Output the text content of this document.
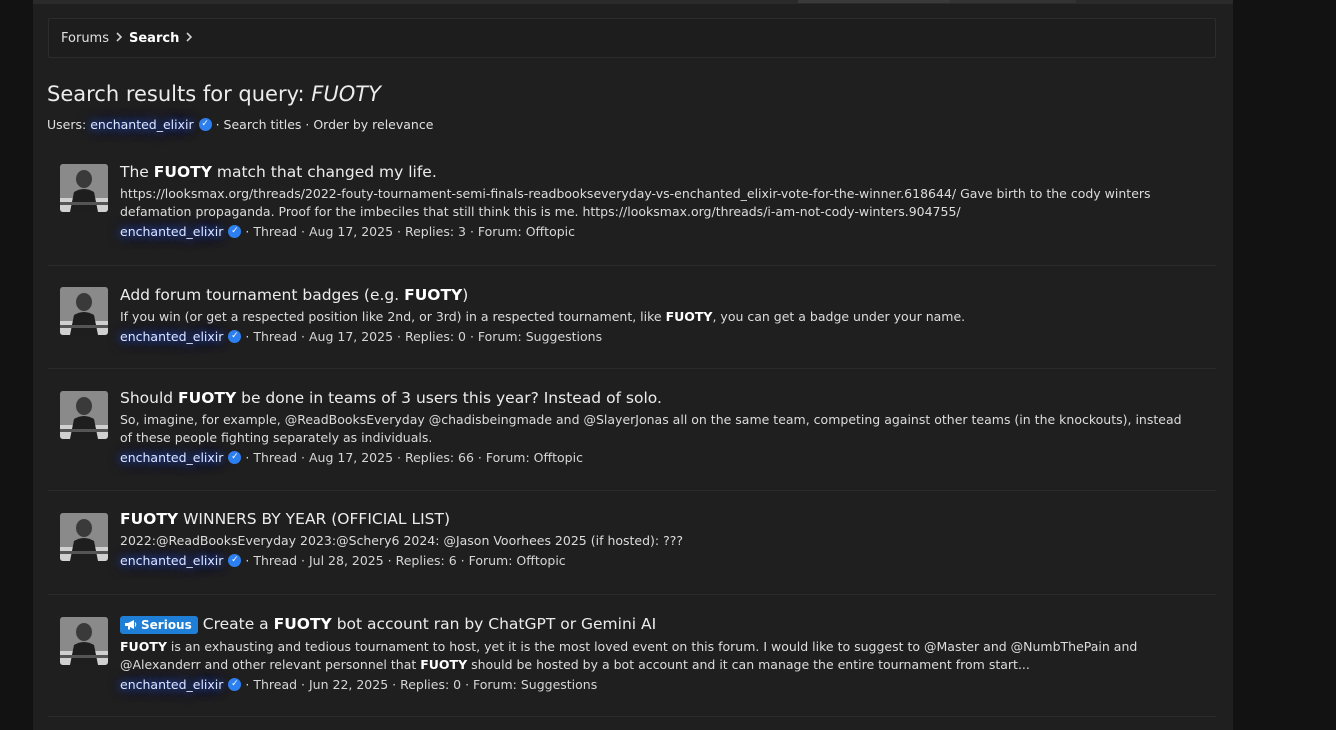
Forums Search
Search results for query: FUOTY
Users:
enchanted_elixir ✓
· Search titles · Order by relevance
The FUOTY match that changed my life.
https://looksmax.org/threads/2022-fouty-tournament-semi-finals-readbookseveryday-vs-enchanted_elixir-vote-for-the-winner.618644/ Gave birth to the cody winters defamation propaganda. Proof for the imbeciles that still think this is me. https://looksmax.org/threads/i-am-not-cody-winters.904755/
enchanted_elixir ✓
· Thread · Aug 17, 2025 · Replies: 3 · Forum: Offtopic
Add forum tournament badges (e.g. FUOTY)
If you win (or get a respected position like 2nd, or 3rd) in a respected tournament, like FUOTY, you can get a badge under your name.
enchanted_elixir ✓
· Thread · Aug 17, 2025 · Replies: 0 · Forum: Suggestions
Should FUOTY be done in teams of 3 users this year? Instead of solo.
So, imagine, for example, @ReadBooksEveryday @chadisbeingmade and @SlayerJonas all on the same team, competing against other teams (in the knockouts), instead of these people fighting separately as individuals.
enchanted_elixir ✓
· Thread · Aug 17, 2025 · Replies: 66 · Forum: Offtopic
FUOTY WINNERS BY YEAR (OFFICIAL LIST)
2022:@ReadBooksEveryday 2023:@Schery6 2024: @Jason Voorhees 2025 (if hosted): ???
enchanted_elixir ✓
· Thread · Jul 28, 2025 · Replies: 6 · Forum: Offtopic
Serious Create a FUOTY bot account ran by ChatGPT or Gemini AI
FUOTY is an exhausting and tedious tournament to host, yet it is the most loved event on this forum. I would like to suggest to @Master and @NumbThePain and @Alexanderr and other relevant personnel that FUOTY should be hosted by a bot account and it can manage the entire tournament from start...
enchanted_elixir ✓
· Thread · Jun 22, 2025 · Replies: 0 · Forum: Suggestions
